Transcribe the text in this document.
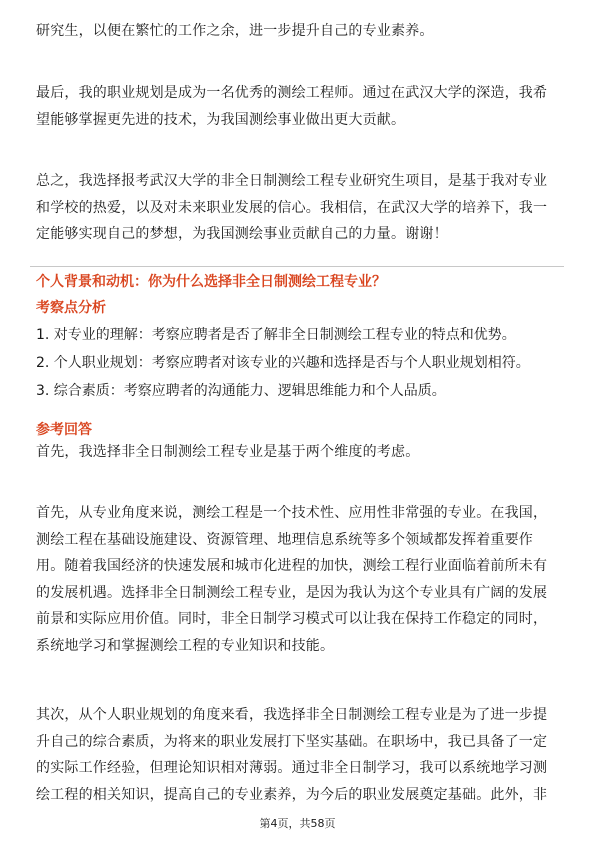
研究生，以便在繁忙的工作之余，进一步提升自己的专业素养。
最后，我的职业规划是成为一名优秀的测绘工程师。通过在武汉大学的深造，我希望能够掌握更先进的技术，为我国测绘事业做出更大贡献。
总之，我选择报考武汉大学的非全日制测绘工程专业研究生项目，是基于我对专业和学校的热爱，以及对未来职业发展的信心。我相信，在武汉大学的培养下，我一定能够实现自己的梦想，为我国测绘事业贡献自己的力量。谢谢！
个人背景和动机：你为什么选择非全日制测绘工程专业？
考察点分析
1. 对专业的理解：考察应聘者是否了解非全日制测绘工程专业的特点和优势。
2. 个人职业规划：考察应聘者对该专业的兴趣和选择是否与个人职业规划相符。
3. 综合素质：考察应聘者的沟通能力、逻辑思维能力和个人品质。
参考回答
首先，我选择非全日制测绘工程专业是基于两个维度的考虑。
首先，从专业角度来说，测绘工程是一个技术性、应用性非常强的专业。在我国，测绘工程在基础设施建设、资源管理、地理信息系统等多个领域都发挥着重要作用。随着我国经济的快速发展和城市化进程的加快，测绘工程行业面临着前所未有的发展机遇。选择非全日制测绘工程专业，是因为我认为这个专业具有广阔的发展前景和实际应用价值。同时，非全日制学习模式可以让我在保持工作稳定的同时，系统地学习和掌握测绘工程的专业知识和技能。
其次，从个人职业规划的角度来看，我选择非全日制测绘工程专业是为了进一步提升自己的综合素质，为将来的职业发展打下坚实基础。在职场中，我已具备了一定的实际工作经验，但理论知识相对薄弱。通过非全日制学习，我可以系统地学习测绘工程的相关知识，提高自己的专业素养，为今后的职业发展奠定基础。此外，非
第4页，共58页
